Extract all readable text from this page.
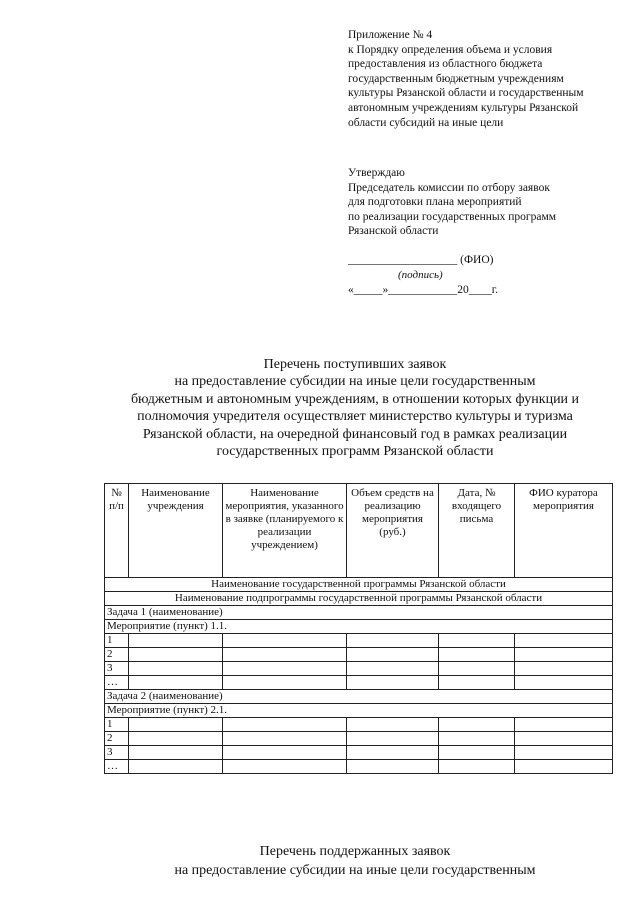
Приложение № 4
к Порядку определения объема и условия
предоставления из областного бюджета
государственным бюджетным учреждениям
культуры Рязанской области и государственным
автономным учреждениям культуры Рязанской
области субсидий на иные цели
Утверждаю
Председатель комиссии по отбору заявок
для подготовки плана мероприятий
по реализации государственных программ
Рязанской области
___________________ (ФИО)
(подпись)
«_____»____________20____г.
Перечень поступивших заявок
на предоставление субсидии на иные цели государственным
бюджетным и автономным учреждениям, в отношении которых функции и
полномочия учредителя осуществляет министерство культуры и туризма
Рязанской области, на очередной финансовый год в рамках реализации
государственных программ Рязанской области
№ п/п	Наименование учреждения	Наименование мероприятия, указанного в заявке (планируемого к реализации учреждением)	Объем средств на реализацию мероприятия (руб.)	Дата, № входящего письма	ФИО куратора мероприятия
Наименование государственной программы Рязанской области					
Наименование подпрограммы государственной программы Рязанской области					
Задача 1 (наименование)					
Мероприятие (пункт) 1.1.					
1					
2					
3					
…					
Задача 2 (наименование)					
Мероприятие (пункт) 2.1.					
1					
2					
3					
…					
Перечень поддержанных заявок
на предоставление субсидии на иные цели государственным
